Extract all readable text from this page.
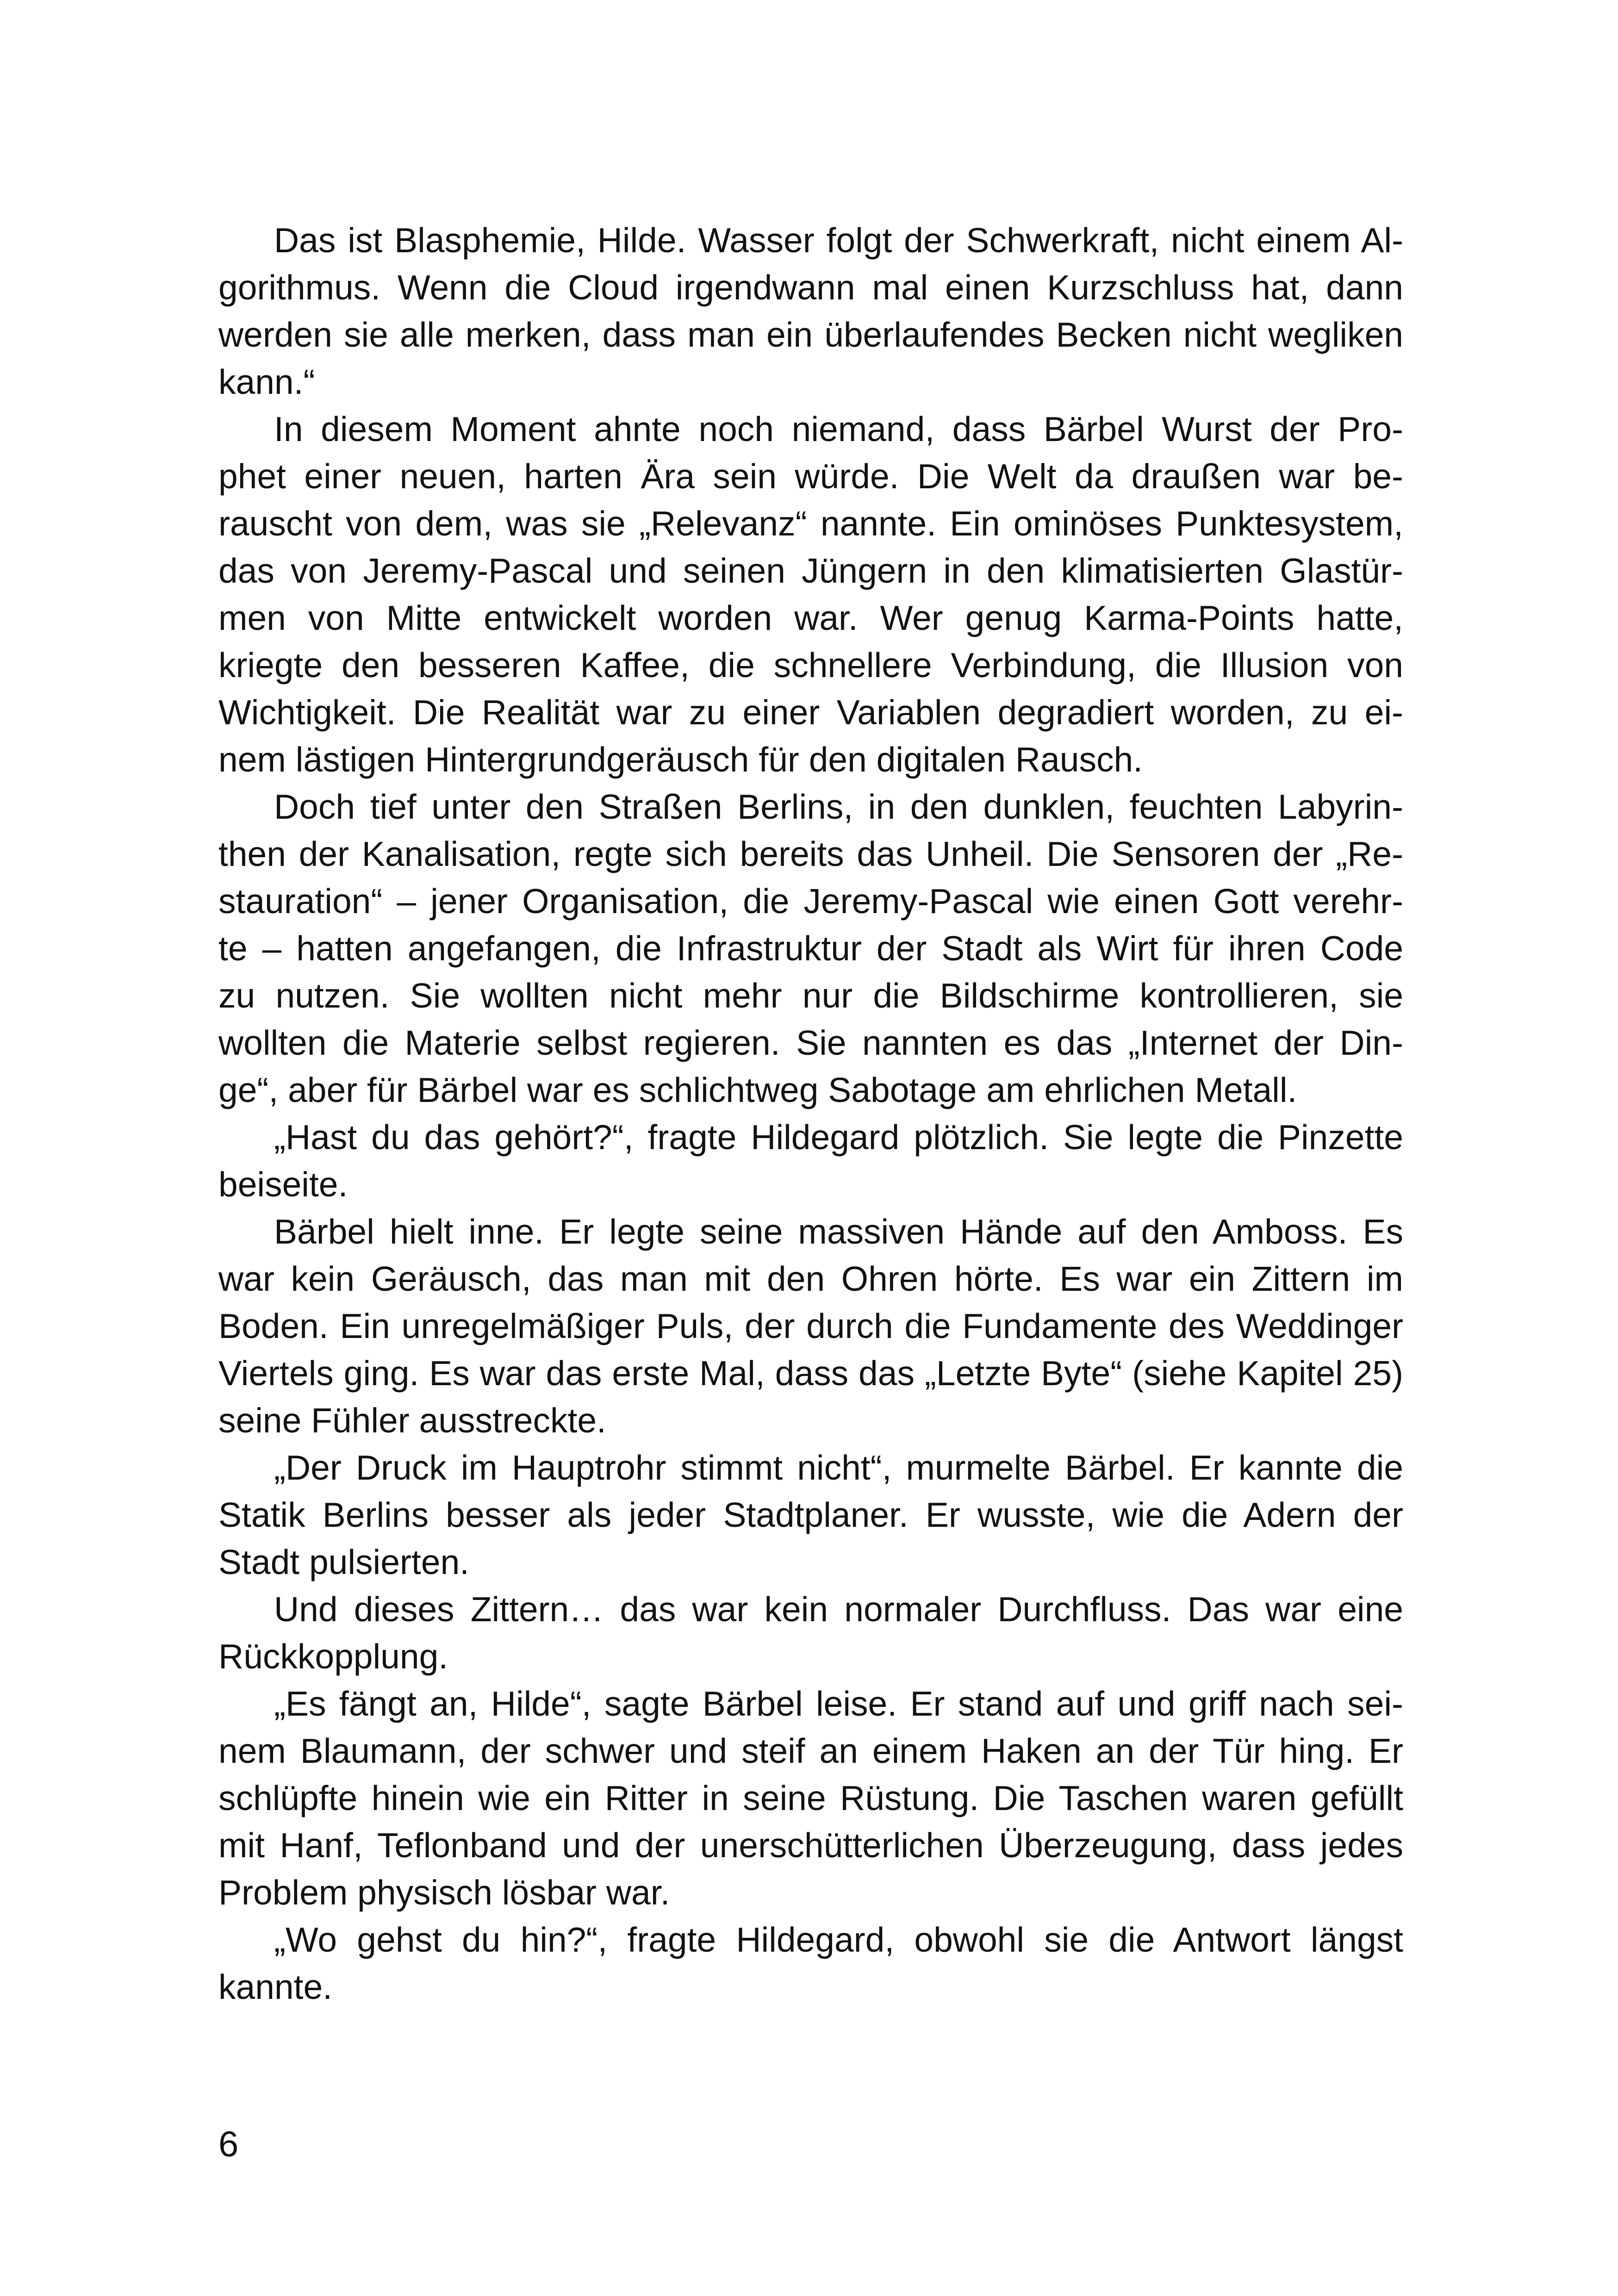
Das ist Blasphemie, Hilde. Wasser folgt der Schwerkraft, nicht einem Al-
gorithmus. Wenn die Cloud irgendwann mal einen Kurzschluss hat, dann
werden sie alle merken, dass man ein überlaufendes Becken nicht wegliken
kann.“
In diesem Moment ahnte noch niemand, dass Bärbel Wurst der Pro-
phet einer neuen, harten Ära sein würde. Die Welt da draußen war be-
rauscht von dem, was sie „Relevanz“ nannte. Ein ominöses Punktesystem,
das von Jeremy-Pascal und seinen Jüngern in den klimatisierten Glastür-
men von Mitte entwickelt worden war. Wer genug Karma-Points hatte,
kriegte den besseren Kaffee, die schnellere Verbindung, die Illusion von
Wichtigkeit. Die Realität war zu einer Variablen degradiert worden, zu ei-
nem lästigen Hintergrundgeräusch für den digitalen Rausch.
Doch tief unter den Straßen Berlins, in den dunklen, feuchten Labyrin-
then der Kanalisation, regte sich bereits das Unheil. Die Sensoren der „Re-
stauration“ – jener Organisation, die Jeremy-Pascal wie einen Gott verehr-
te – hatten angefangen, die Infrastruktur der Stadt als Wirt für ihren Code
zu nutzen. Sie wollten nicht mehr nur die Bildschirme kontrollieren, sie
wollten die Materie selbst regieren. Sie nannten es das „Internet der Din-
ge“, aber für Bärbel war es schlichtweg Sabotage am ehrlichen Metall.
„Hast du das gehört?“, fragte Hildegard plötzlich. Sie legte die Pinzette
beiseite.
Bärbel hielt inne. Er legte seine massiven Hände auf den Amboss. Es
war kein Geräusch, das man mit den Ohren hörte. Es war ein Zittern im
Boden. Ein unregelmäßiger Puls, der durch die Fundamente des Weddinger
Viertels ging. Es war das erste Mal, dass das „Letzte Byte“ (siehe Kapitel 25)
seine Fühler ausstreckte.
„Der Druck im Hauptrohr stimmt nicht“, murmelte Bärbel. Er kannte die
Statik Berlins besser als jeder Stadtplaner. Er wusste, wie die Adern der
Stadt pulsierten.
Und dieses Zittern… das war kein normaler Durchfluss. Das war eine
Rückkopplung.
„Es fängt an, Hilde“, sagte Bärbel leise. Er stand auf und griff nach sei-
nem Blaumann, der schwer und steif an einem Haken an der Tür hing. Er
schlüpfte hinein wie ein Ritter in seine Rüstung. Die Taschen waren gefüllt
mit Hanf, Teflonband und der unerschütterlichen Überzeugung, dass jedes
Problem physisch lösbar war.
„Wo gehst du hin?“, fragte Hildegard, obwohl sie die Antwort längst
kannte.
6
